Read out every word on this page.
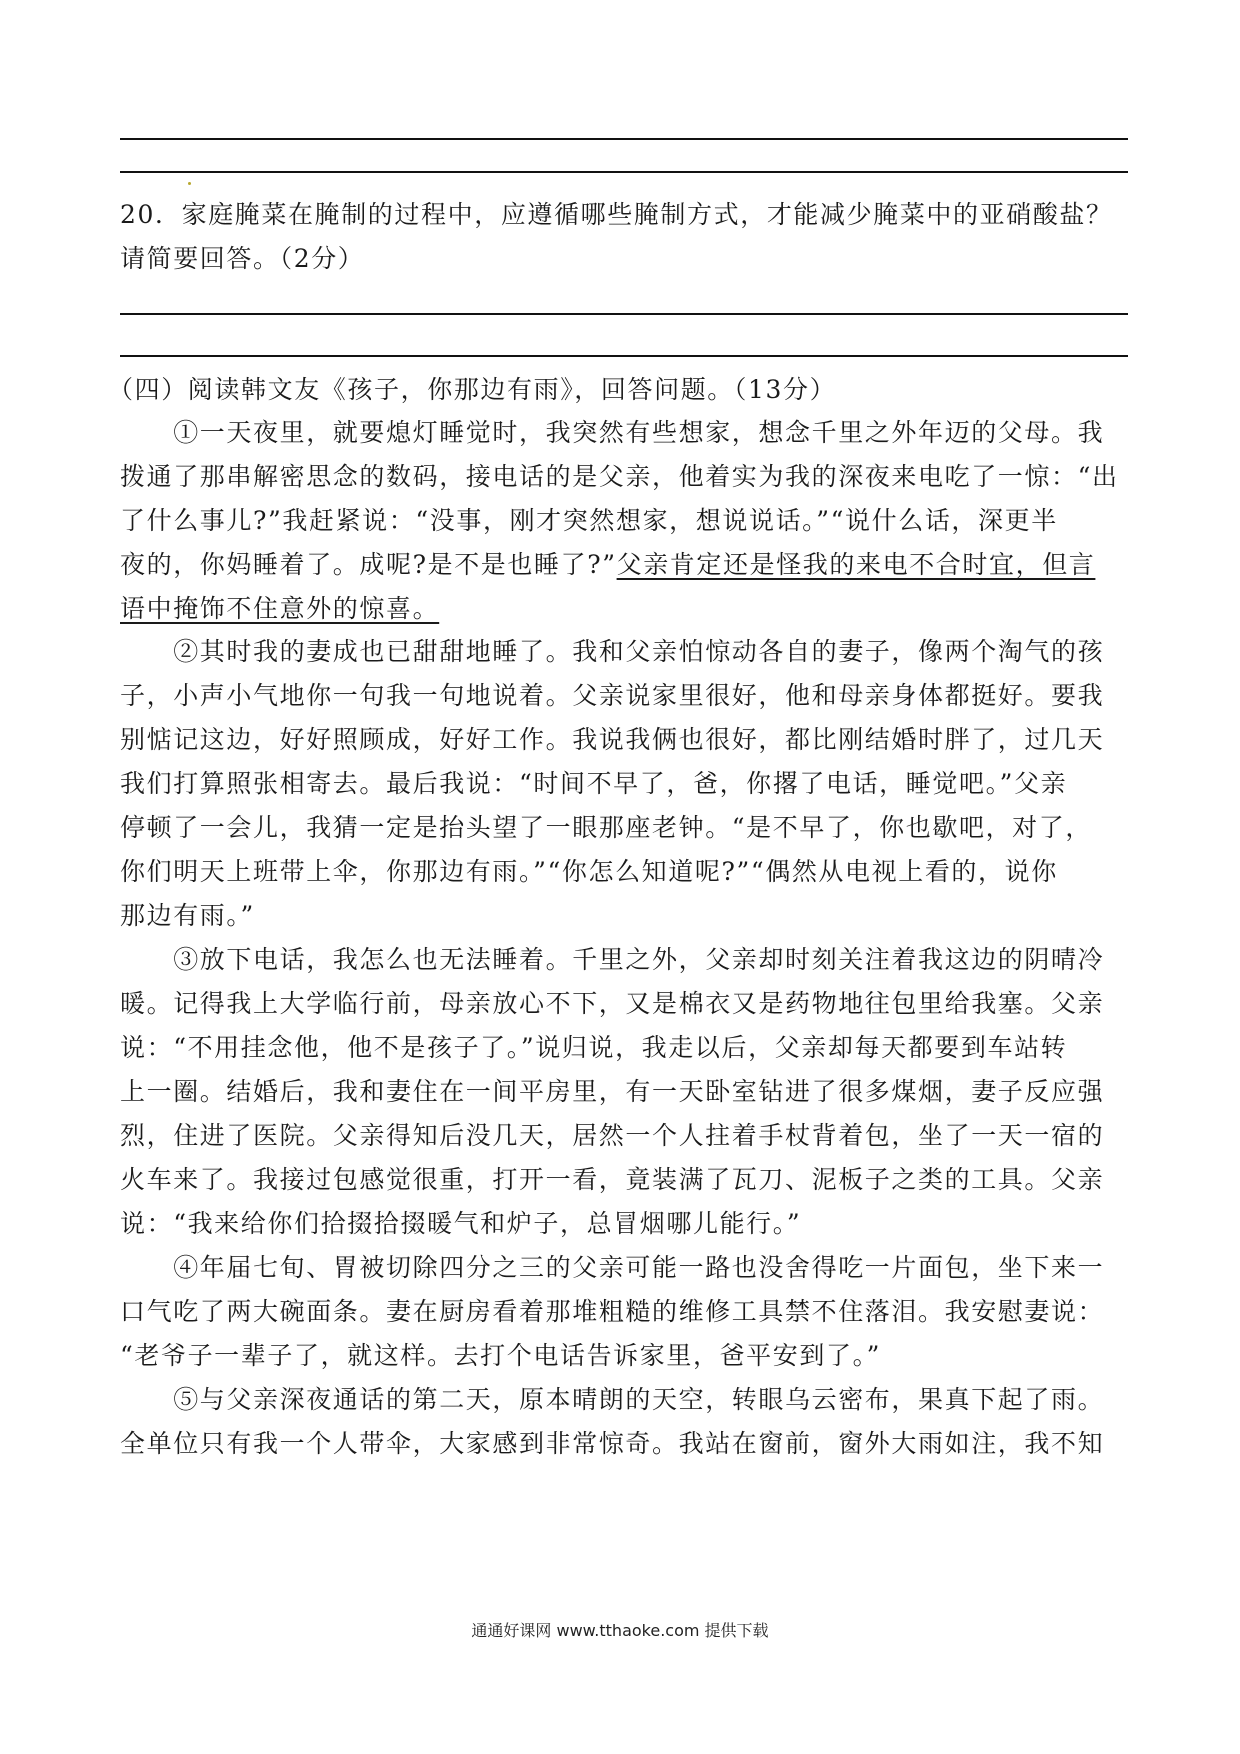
20．家庭腌菜在腌制的过程中，应遵循哪些腌制方式，才能减少腌菜中的亚硝酸盐？
请简要回答。（2分）
（四）阅读韩文友《孩子，你那边有雨》，回答问题。（13分）
　　①一天夜里，就要熄灯睡觉时，我突然有些想家，想念千里之外年迈的父母。我
拨通了那串解密思念的数码，接电话的是父亲，他着实为我的深夜来电吃了一惊：“出
了什么事儿?”我赶紧说：“没事，刚才突然想家，想说说话。”“说什么话，深更半
夜的，你妈睡着了。成呢?是不是也睡了?”父亲肯定还是怪我的来电不合时宜，但言
语中掩饰不住意外的惊喜。
　　②其时我的妻成也已甜甜地睡了。我和父亲怕惊动各自的妻子，像两个淘气的孩
子，小声小气地你一句我一句地说着。父亲说家里很好，他和母亲身体都挺好。要我
别惦记这边，好好照顾成，好好工作。我说我俩也很好，都比刚结婚时胖了，过几天
我们打算照张相寄去。最后我说：“时间不早了，爸，你撂了电话，睡觉吧。”父亲
停顿了一会儿，我猜一定是抬头望了一眼那座老钟。“是不早了，你也歇吧，对了，
你们明天上班带上伞，你那边有雨。”“你怎么知道呢?”“偶然从电视上看的，说你
那边有雨。”
　　③放下电话，我怎么也无法睡着。千里之外，父亲却时刻关注着我这边的阴晴冷
暖。记得我上大学临行前，母亲放心不下，又是棉衣又是药物地往包里给我塞。父亲
说：“不用挂念他，他不是孩子了。”说归说，我走以后，父亲却每天都要到车站转
上一圈。结婚后，我和妻住在一间平房里，有一天卧室钻进了很多煤烟，妻子反应强
烈，住进了医院。父亲得知后没几天，居然一个人拄着手杖背着包，坐了一天一宿的
火车来了。我接过包感觉很重，打开一看，竟装满了瓦刀、泥板子之类的工具。父亲
说：“我来给你们拾掇拾掇暖气和炉子，总冒烟哪儿能行。”
　　④年届七旬、胃被切除四分之三的父亲可能一路也没舍得吃一片面包，坐下来一
口气吃了两大碗面条。妻在厨房看着那堆粗糙的维修工具禁不住落泪。我安慰妻说：
“老爷子一辈子了，就这样。去打个电话告诉家里，爸平安到了。”
　　⑤与父亲深夜通话的第二天，原本晴朗的天空，转眼乌云密布，果真下起了雨。
全单位只有我一个人带伞，大家感到非常惊奇。我站在窗前，窗外大雨如注，我不知
通通好课网 www.tthaoke.com 提供下载
